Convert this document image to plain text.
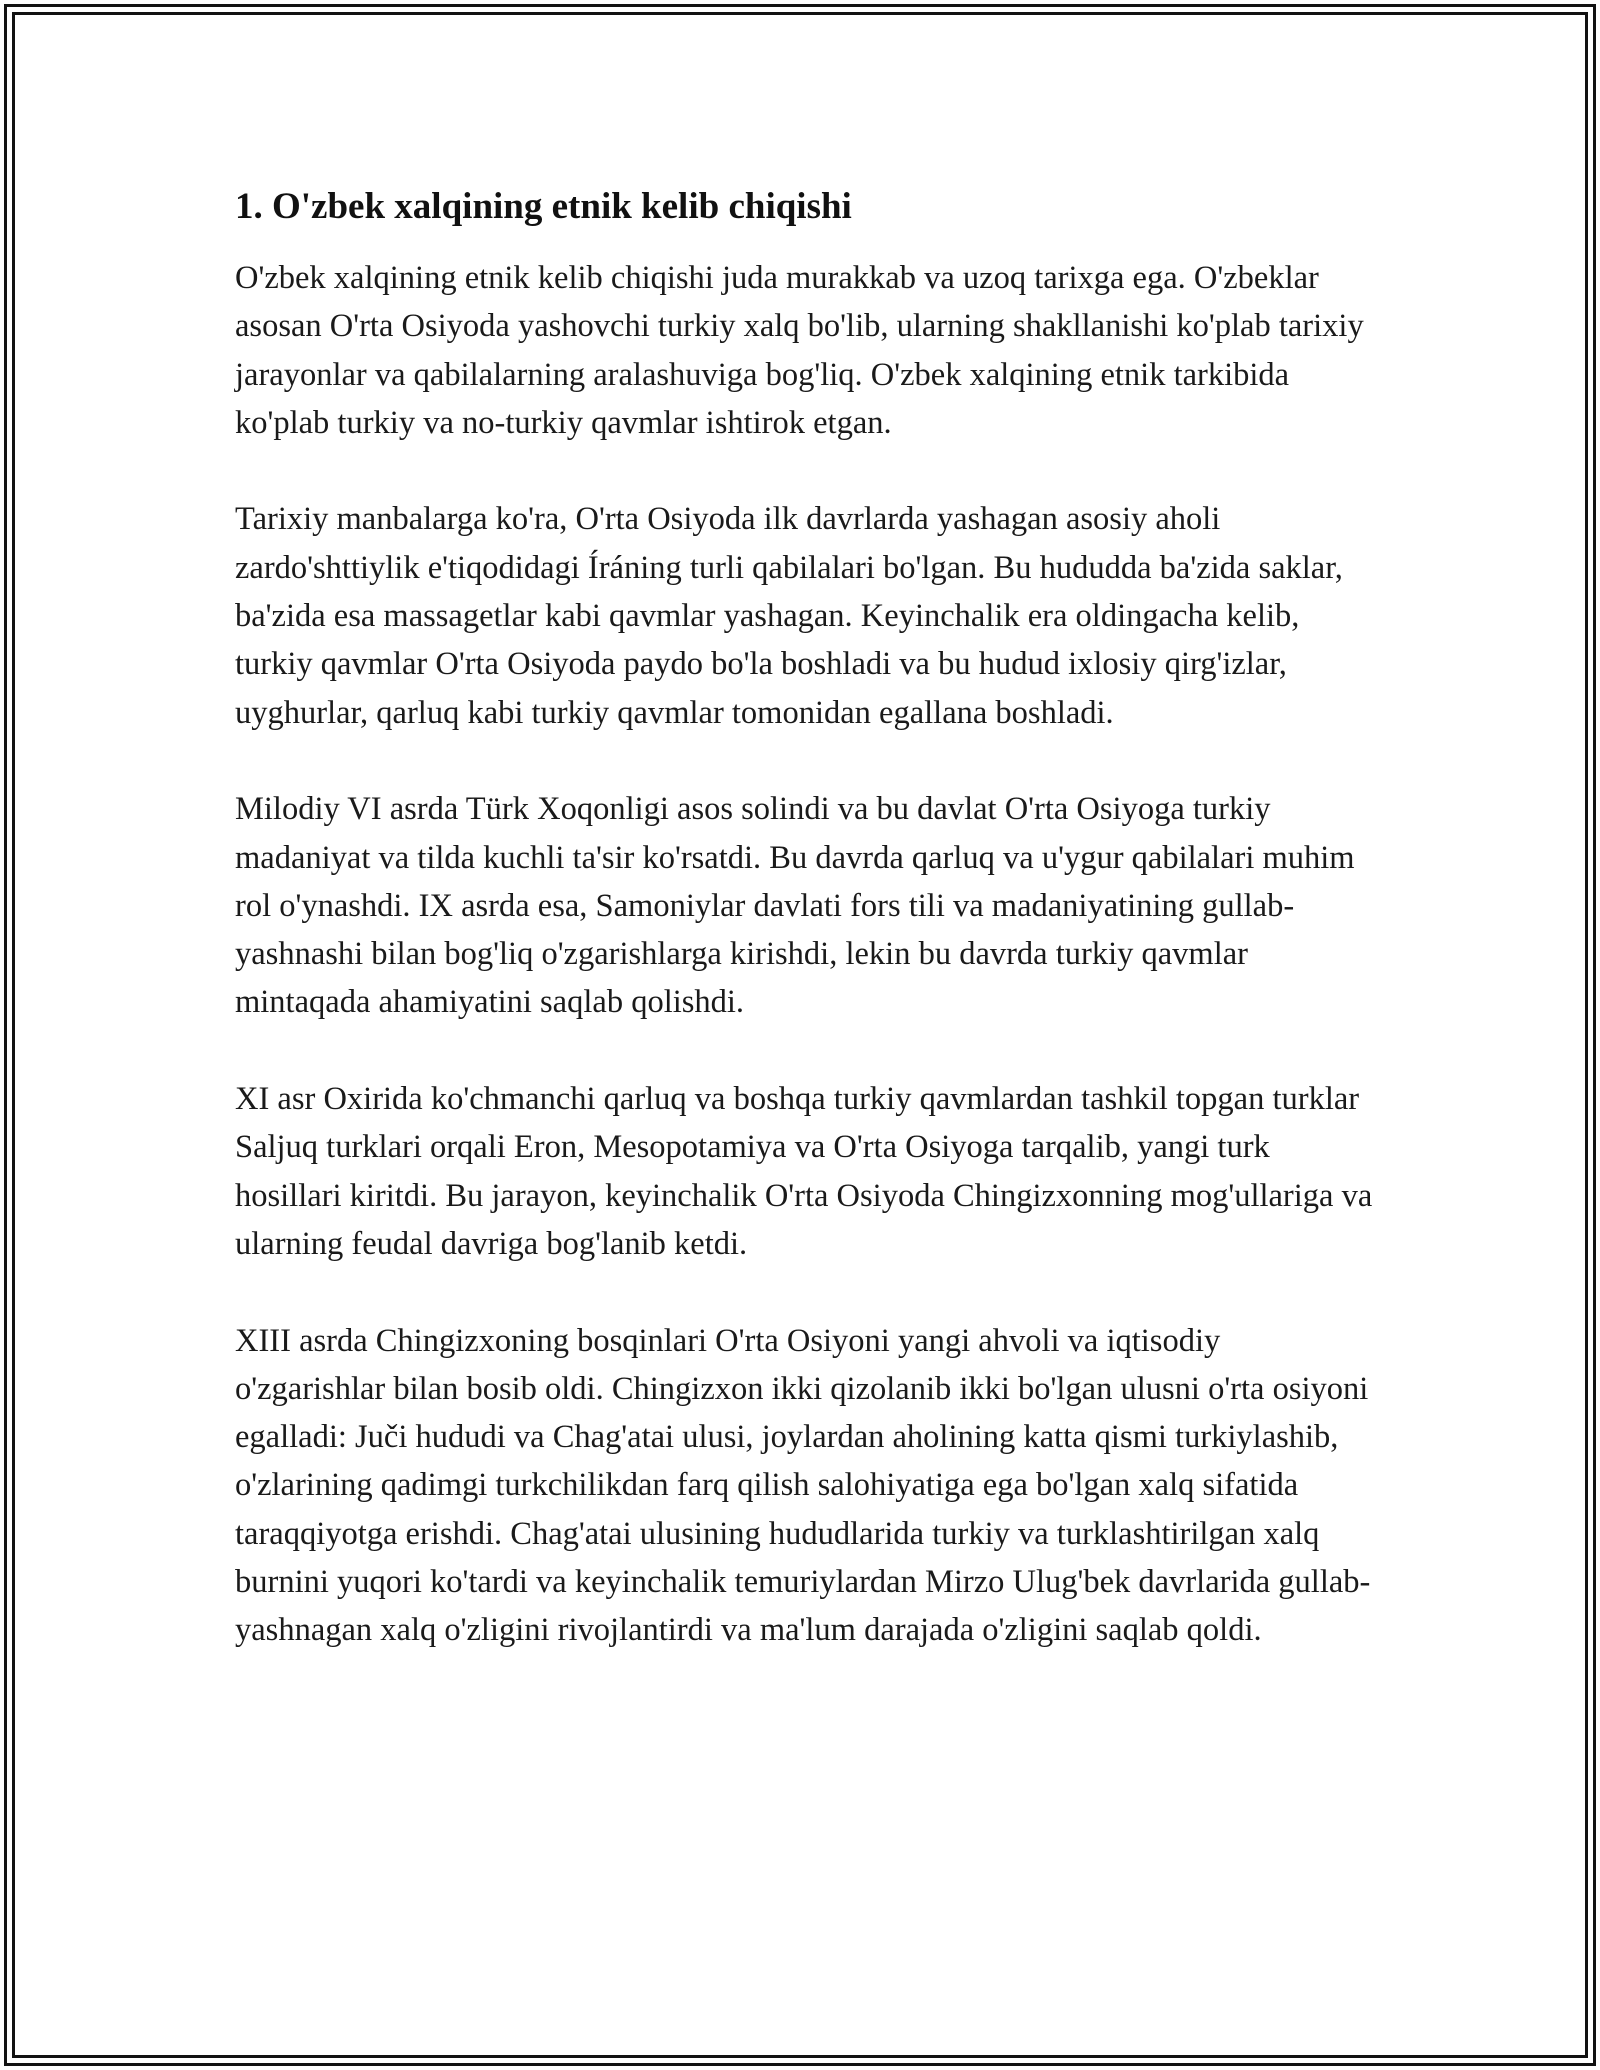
1. O'zbek xalqining etnik kelib chiqishi

O'zbek xalqining etnik kelib chiqishi juda murakkab va uzoq tarixga ega. O'zbeklar asosan O'rta Osiyoda yashovchi turkiy xalq bo'lib, ularning shakllanishi ko'plab tarixiy jarayonlar va qabilalarning aralashuviga bog'liq. O'zbek xalqining etnik tarkibida ko'plab turkiy va no-turkiy qavmlar ishtirok etgan.

Tarixiy manbalarga ko'ra, O'rta Osiyoda ilk davrlarda yashagan asosiy aholi zardo'shttiylik e'tiqodidagi Íráning turli qabilalari bo'lgan. Bu hududda ba'zida saklar, ba'zida esa massagetlar kabi qavmlar yashagan. Keyinchalik era oldingacha kelib, turkiy qavmlar O'rta Osiyoda paydo bo'la boshladi va bu hudud ixlosiy qirg'izlar, uyghurlar, qarluq kabi turkiy qavmlar tomonidan egallana boshladi.

Milodiy VI asrda Türk Xoqonligi asos solindi va bu davlat O'rta Osiyoga turkiy madaniyat va tilda kuchli ta'sir ko'rsatdi. Bu davrda qarluq va u'ygur qabilalari muhim rol o'ynashdi. IX asrda esa, Samoniylar davlati fors tili va madaniyatining gullab-yashnashi bilan bog'liq o'zgarishlarga kirishdi, lekin bu davrda turkiy qavmlar mintaqada ahamiyatini saqlab qolishdi.

XI asr Oxirida ko'chmanchi qarluq va boshqa turkiy qavmlardan tashkil topgan turklar Saljuq turklari orqali Eron, Mesopotamiya va O'rta Osiyoga tarqalib, yangi turk hosillari kiritdi. Bu jarayon, keyinchalik O'rta Osiyoda Chingizxonning mog'ullariga va ularning feudal davriga bog'lanib ketdi.

XIII asrda Chingizxoning bosqinlari O'rta Osiyoni yangi ahvoli va iqtisodiy o'zgarishlar bilan bosib oldi. Chingizxon ikki qizolanib ikki bo'lgan ulusni o'rta osiyoni egalladi: Juči hududi va Chag'atai ulusi, joylardan aholining katta qismi turkiylashib, o'zlarining qadimgi turkchilikdan farq qilish salohiyatiga ega bo'lgan xalq sifatida taraqqiyotga erishdi. Chag'atai ulusining hududlarida turkiy va turklashtirilgan xalq burnini yuqori ko'tardi va keyinchalik temuriylardan Mirzo Ulug'bek davrlarida gullab-yashnagan xalq o'zligini rivojlantirdi va ma'lum darajada o'zligini saqlab qoldi.
